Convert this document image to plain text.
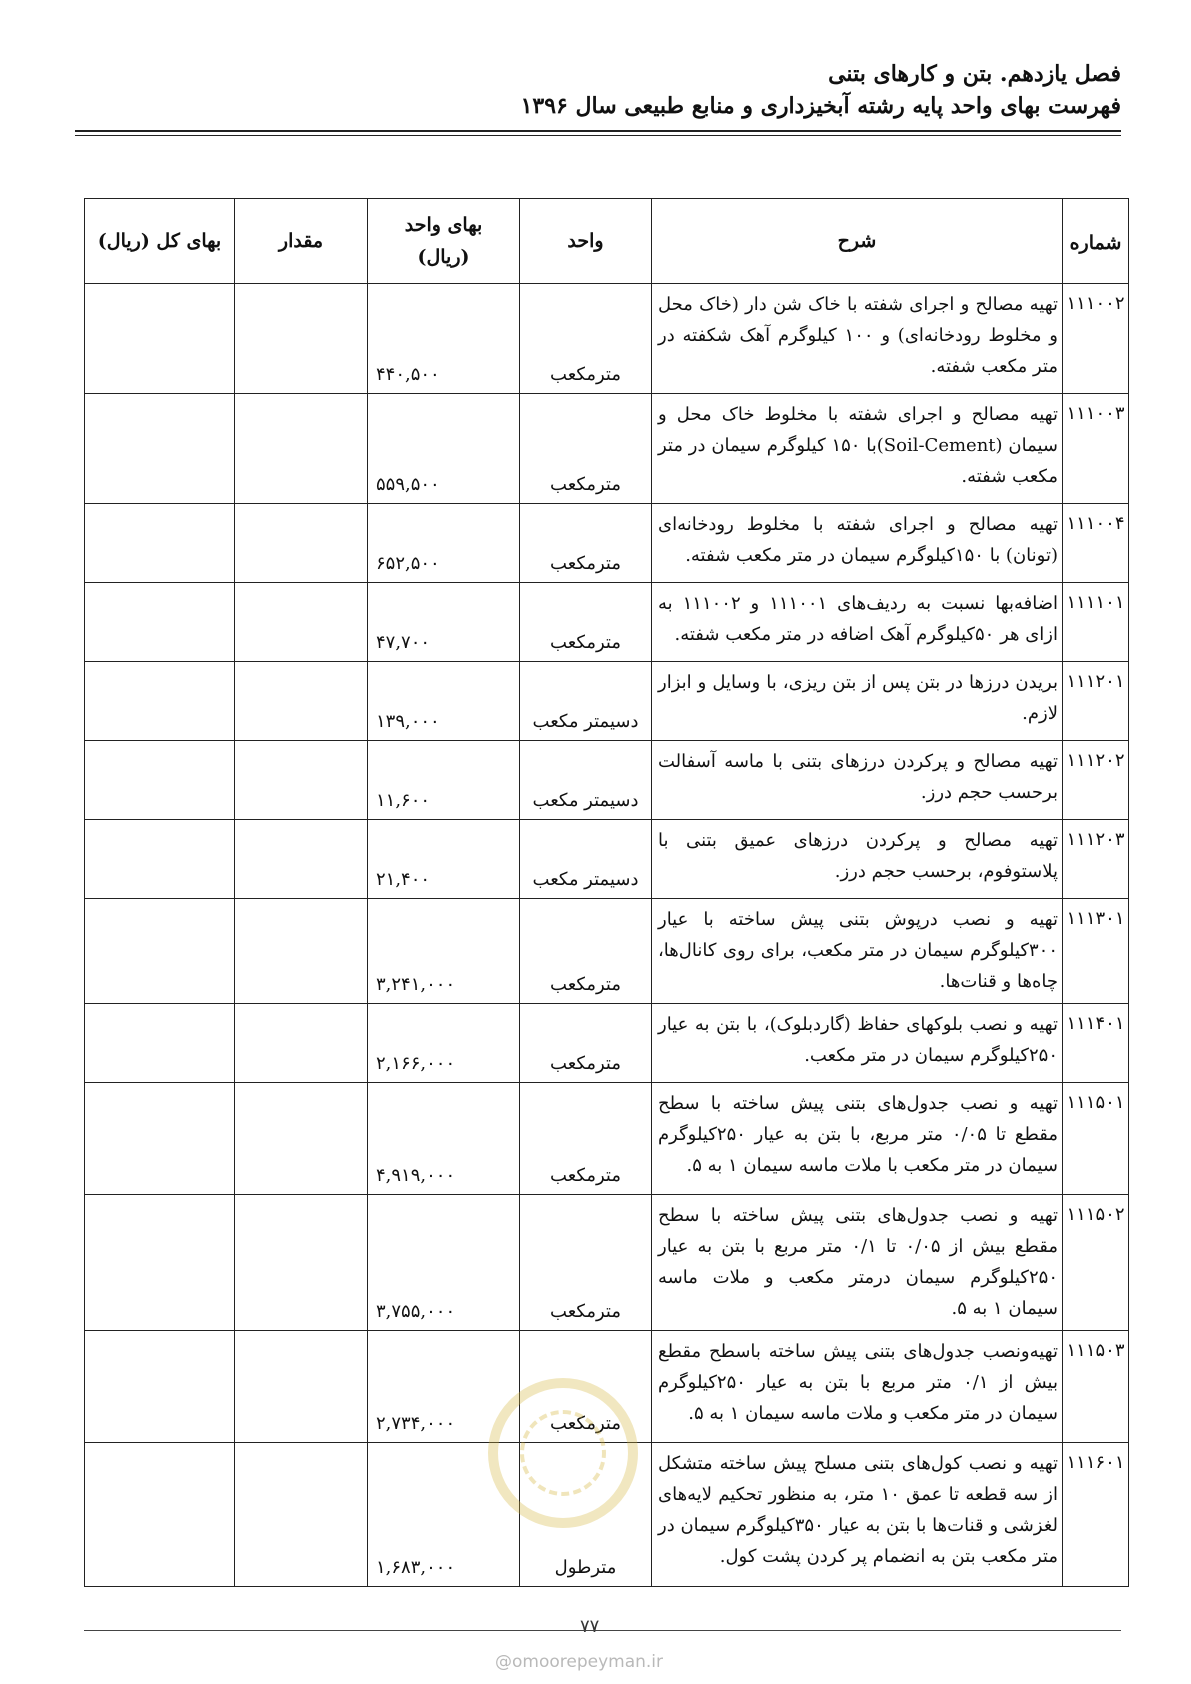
فصل یازدهم. بتن و کارهای بتنی
فهرست بهای واحد پایه رشته آبخیزداری و منابع طبیعی سال ۱۳۹۶
شماره	شرح	واحد	بهای واحد (ریال)	مقدار	بهای کل (ریال)
۱۱۱۰۰۲	تهیه مصالح و اجرای شفته با خاک شن دار (خاک محل و مخلوط رودخانه‌ای) و ۱۰۰ کیلوگرم آهک شکفته در متر مکعب شفته.	مترمکعب	۴۴۰,۵۰۰		
۱۱۱۰۰۳	تهیه مصالح و اجرای شفته با مخلوط خاک محل و سیمان (Soil-Cement)با ۱۵۰ کیلوگرم سیمان در متر مکعب شفته.	مترمکعب	۵۵۹,۵۰۰		
۱۱۱۰۰۴	تهیه مصالح و اجرای شفته با مخلوط رودخانه‌ای (تونان) با ۱۵۰کیلوگرم سیمان در متر مکعب شفته.	مترمکعب	۶۵۲,۵۰۰		
۱۱۱۱۰۱	اضافه‌بها نسبت به ردیف‌های ۱۱۱۰۰۱ و ۱۱۱۰۰۲ به ازای هر ۵۰کیلوگرم آهک اضافه در متر مکعب شفته.	مترمکعب	۴۷,۷۰۰		
۱۱۱۲۰۱	بریدن درزها در بتن پس از بتن ریزی، با وسایل و ابزار لازم.	دسیمتر مکعب	۱۳۹,۰۰۰		
۱۱۱۲۰۲	تهیه مصالح و پرکردن درزهای بتنی با ماسه آسفالت برحسب حجم درز.	دسیمتر مکعب	۱۱,۶۰۰		
۱۱۱۲۰۳	تهیه مصالح و پرکردن درزهای عمیق بتنی با پلاستوفوم، برحسب حجم درز.	دسیمتر مکعب	۲۱,۴۰۰		
۱۱۱۳۰۱	تهیه و نصب درپوش بتنی پیش ساخته با عیار ۳۰۰کیلوگرم سیمان در متر مکعب، برای روی کانال‌ها، چاه‌ها و قنات‌ها.	مترمکعب	۳,۲۴۱,۰۰۰		
۱۱۱۴۰۱	تهیه و نصب بلوکهای حفاظ (گاردبلوک)، با بتن به عیار ۲۵۰کیلوگرم سیمان در متر مکعب.	مترمکعب	۲,۱۶۶,۰۰۰		
۱۱۱۵۰۱	تهیه و نصب جدول‌های بتنی پیش ساخته با سطح مقطع تا ۰/۰۵ متر مربع، با بتن به عیار ۲۵۰کیلوگرم سیمان در متر مکعب با ملات ماسه سیمان ۱ به ۵.	مترمکعب	۴,۹۱۹,۰۰۰		
۱۱۱۵۰۲	تهیه و نصب جدول‌های بتنی پیش ساخته با سطح مقطع بیش از ۰/۰۵ تا ۰/۱ متر مربع با بتن به عیار ۲۵۰کیلوگرم سیمان درمتر مکعب و ملات ماسه سیمان ۱ به ۵.	مترمکعب	۳,۷۵۵,۰۰۰		
۱۱۱۵۰۳	تهیه‌ونصب جدول‌های بتنی پیش ساخته باسطح مقطع بیش از ۰/۱ متر مربع با بتن به عیار ۲۵۰کیلوگرم سیمان در متر مکعب و ملات ماسه سیمان ۱ به ۵.	مترمکعب	۲,۷۳۴,۰۰۰		
۱۱۱۶۰۱	تهیه و نصب کول‌های بتنی مسلح پیش ساخته متشکل از سه قطعه تا عمق ۱۰ متر، به منظور تحکیم لایه‌های لغزشی و قنات‌ها با بتن به عیار ۳۵۰کیلوگرم سیمان در متر مکعب بتن به انضمام پر کردن پشت کول.	مترطول	۱,۶۸۳,۰۰۰		
۷۷
@omoorepeyman.ir
